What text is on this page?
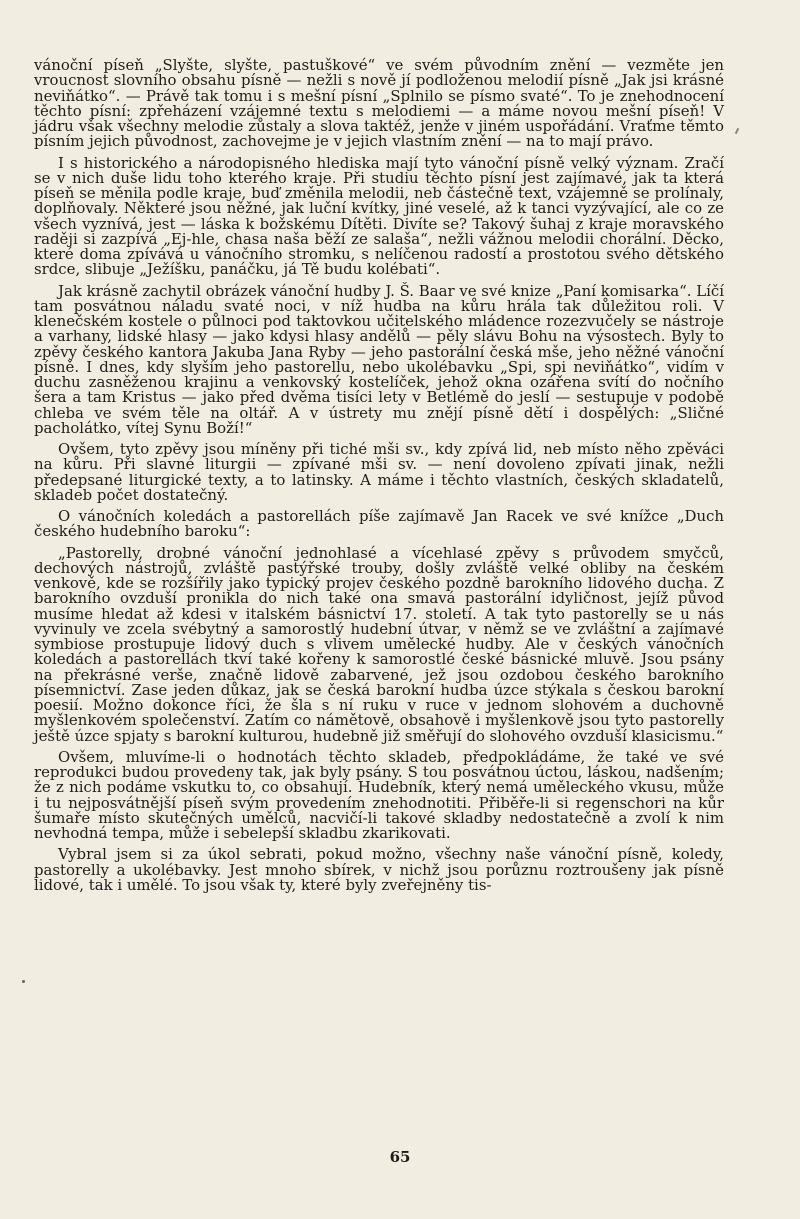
vánoční píseň „Slyšte, slyšte, pastuškové“ ve svém původním znění — vezměte jen vroucnost slovního obsahu písně — nežli s nově jí podloženou melodií písně „Jak jsi krásné neviňátko“. — Právě tak tomu i s mešní písní „Splnilo se písmo svaté“. To je znehodnocení těchto písní: zpřeházení vzájemné textu s melodiemi — a máme novou mešní píseň! V jádru však všechny melodie zůstaly a slova taktéž, jenže v jiném uspořádání. Vraťme těmto písním jejich původnost, zachovejme je v jejich vlastním znění — na to mají právo.

I s historického a národopisného hlediska mají tyto vánoční písně velký význam. Zračí se v nich duše lidu toho kterého kraje. Při studiu těchto písní jest zajímavé, jak ta která píseň se měnila podle kraje, buď změnila melodii, neb částečně text, vzájemně se prolínaly, doplňovaly. Některé jsou něžné, jak luční kvítky, jiné veselé, až k tanci vyzývající, ale co ze všech vyznívá, jest — láska k božskému Dítěti. Divíte se? Takový šuhaj z kraje moravského raději si zazpívá „Ej-hle, chasa naša běží ze salaša“, nežli vážnou melodii chorální. Děcko, které doma zpívává u vánočního stromku, s nelíčenou radostí a prostotou svého dětského srdce, slibuje „Ježíšku, panáčku, já Tě budu kolébati“.

Jak krásně zachytil obrázek vánoční hudby J. Š. Baar ve své knize „Paní komisarka“. Líčí tam posvátnou náladu svaté noci, v níž hudba na kůru hrála tak důležitou roli. V klenečském kostele o půlnoci pod taktovkou učitelského mládence rozezvučely se nástroje a varhany, lidské hlasy — jako kdysi hlasy andělů — pěly slávu Bohu na výsostech. Byly to zpěvy českého kantora Jakuba Jana Ryby — jeho pastorální česká mše, jeho něžné vánoční písně. I dnes, kdy slyším jeho pastorellu, nebo ukolébavku „Spi, spi neviňátko“, vidím v duchu zasněženou krajinu a venkovský kostelíček, jehož okna ozářena svítí do nočního šera a tam Kristus — jako před dvěma tisíci lety v Betlémě do jeslí — sestupuje v podobě chleba ve svém těle na oltář. A v ústrety mu znějí písně dětí i dospělých: „Sličné pacholátko, vítej Synu Boží!“

Ovšem, tyto zpěvy jsou míněny při tiché mši sv., kdy zpívá lid, neb místo něho zpěváci na kůru. Při slavné liturgii — zpívané mši sv. — není dovoleno zpívati jinak, nežli předepsané liturgické texty, a to latinsky. A máme i těchto vlastních, českých skladatelů, skladeb počet dostatečný.

O vánočních koledách a pastorellách píše zajímavě Jan Racek ve své knížce „Duch českého hudebního baroku“:

„Pastorelly, drobné vánoční jednohlasé a vícehlasé zpěvy s průvodem smyčců, dechových nástrojů, zvláště pastýřské trouby, došly zvláště velké obliby na českém venkově, kde se rozšířily jako typický projev českého pozdně barokního lidového ducha. Z barokního ovzduší pronikla do nich také ona smavá pastorální idyličnost, jejíž původ musíme hledat až kdesi v italském básnictví 17. století. A tak tyto pastorelly se u nás vyvinuly ve zcela svébytný a samorostlý hudební útvar, v němž se ve zvláštní a zajímavé symbiose prostupuje lidový duch s vlivem umělecké hudby. Ale v českých vánočních koledách a pastorellách tkví také kořeny k samorostlé české básnické mluvě. Jsou psány na překrásné verše, značně lidově zabarvené, jež jsou ozdobou českého barokního písemnictví. Zase jeden důkaz, jak se česká barokní hudba úzce stýkala s českou barokní poesií. Možno dokonce říci, že šla s ní ruku v ruce v jednom slohovém a duchovně myšlenkovém společenství. Zatím co námětově, obsahově i myšlenkově jsou tyto pastorelly ještě úzce spjaty s barokní kulturou, hudebně již směřují do slohového ovzduší klasicismu.“

Ovšem, mluvíme-li o hodnotách těchto skladeb, předpokládáme, že také ve své reprodukci budou provedeny tak, jak byly psány. S tou posvátnou úctou, láskou, nadšením; že z nich podáme vskutku to, co obsahují. Hudebník, který nemá uměleckého vkusu, může i tu nejposvátnější píseň svým provedením znehodnotiti. Přiběře-li si regenschori na kůr šumaře místo skutečných umělců, nacvičí-li takové skladby nedostatečně a zvolí k nim nevhodná tempa, může i sebelepší skladbu zkarikovati.

Vybral jsem si za úkol sebrati, pokud možno, všechny naše vánoční písně, koledy, pastorelly a ukolébavky. Jest mnoho sbírek, v nichž jsou porůznu roztroušeny jak písně lidové, tak i umělé. To jsou však ty, které byly zveřejněny tis-

65
